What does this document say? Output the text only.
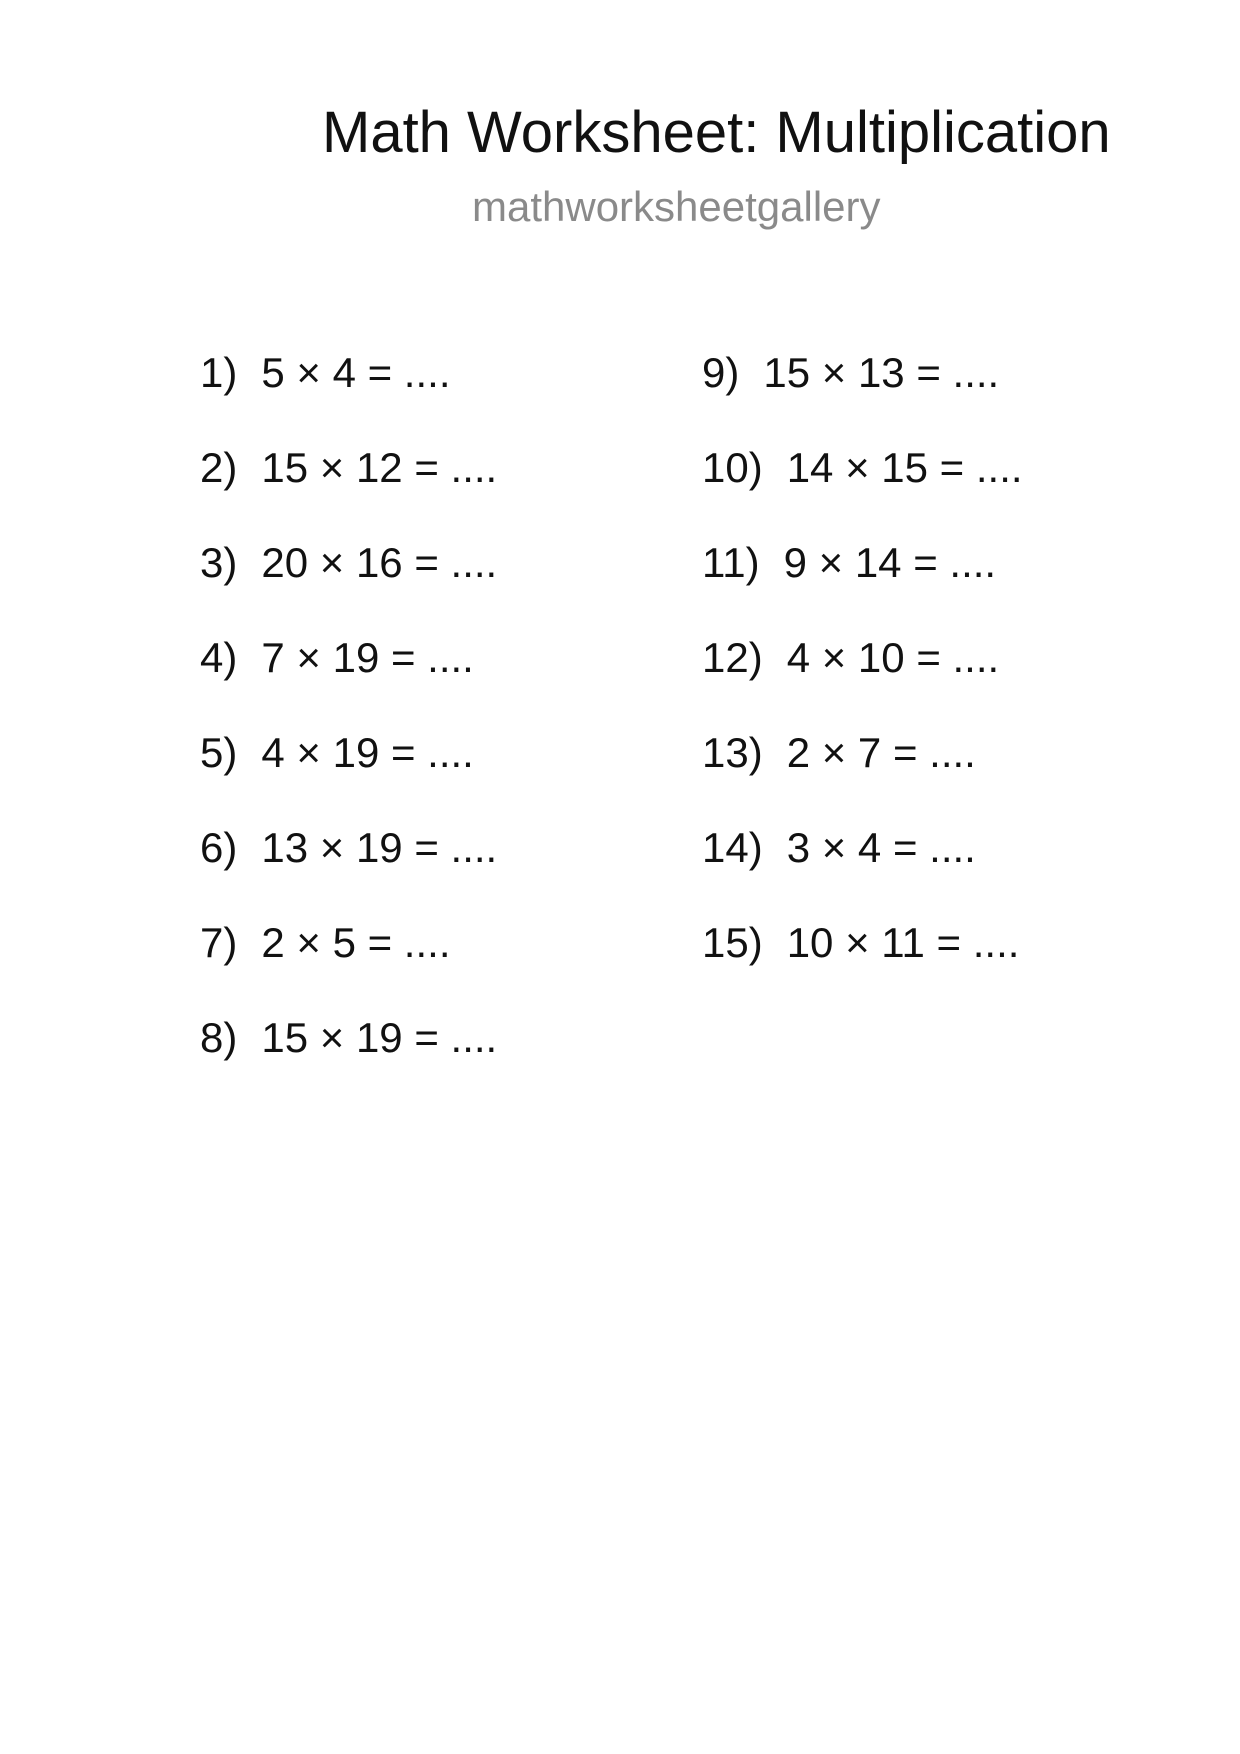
Math Worksheet: Multiplication
mathworksheetgallery
1) 5 × 4 = ....
2) 15 × 12 = ....
3) 20 × 16 = ....
4) 7 × 19 = ....
5) 4 × 19 = ....
6) 13 × 19 = ....
7) 2 × 5 = ....
8) 15 × 19 = ....
9) 15 × 13 = ....
10) 14 × 15 = ....
11) 9 × 14 = ....
12) 4 × 10 = ....
13) 2 × 7 = ....
14) 3 × 4 = ....
15) 10 × 11 = ....
